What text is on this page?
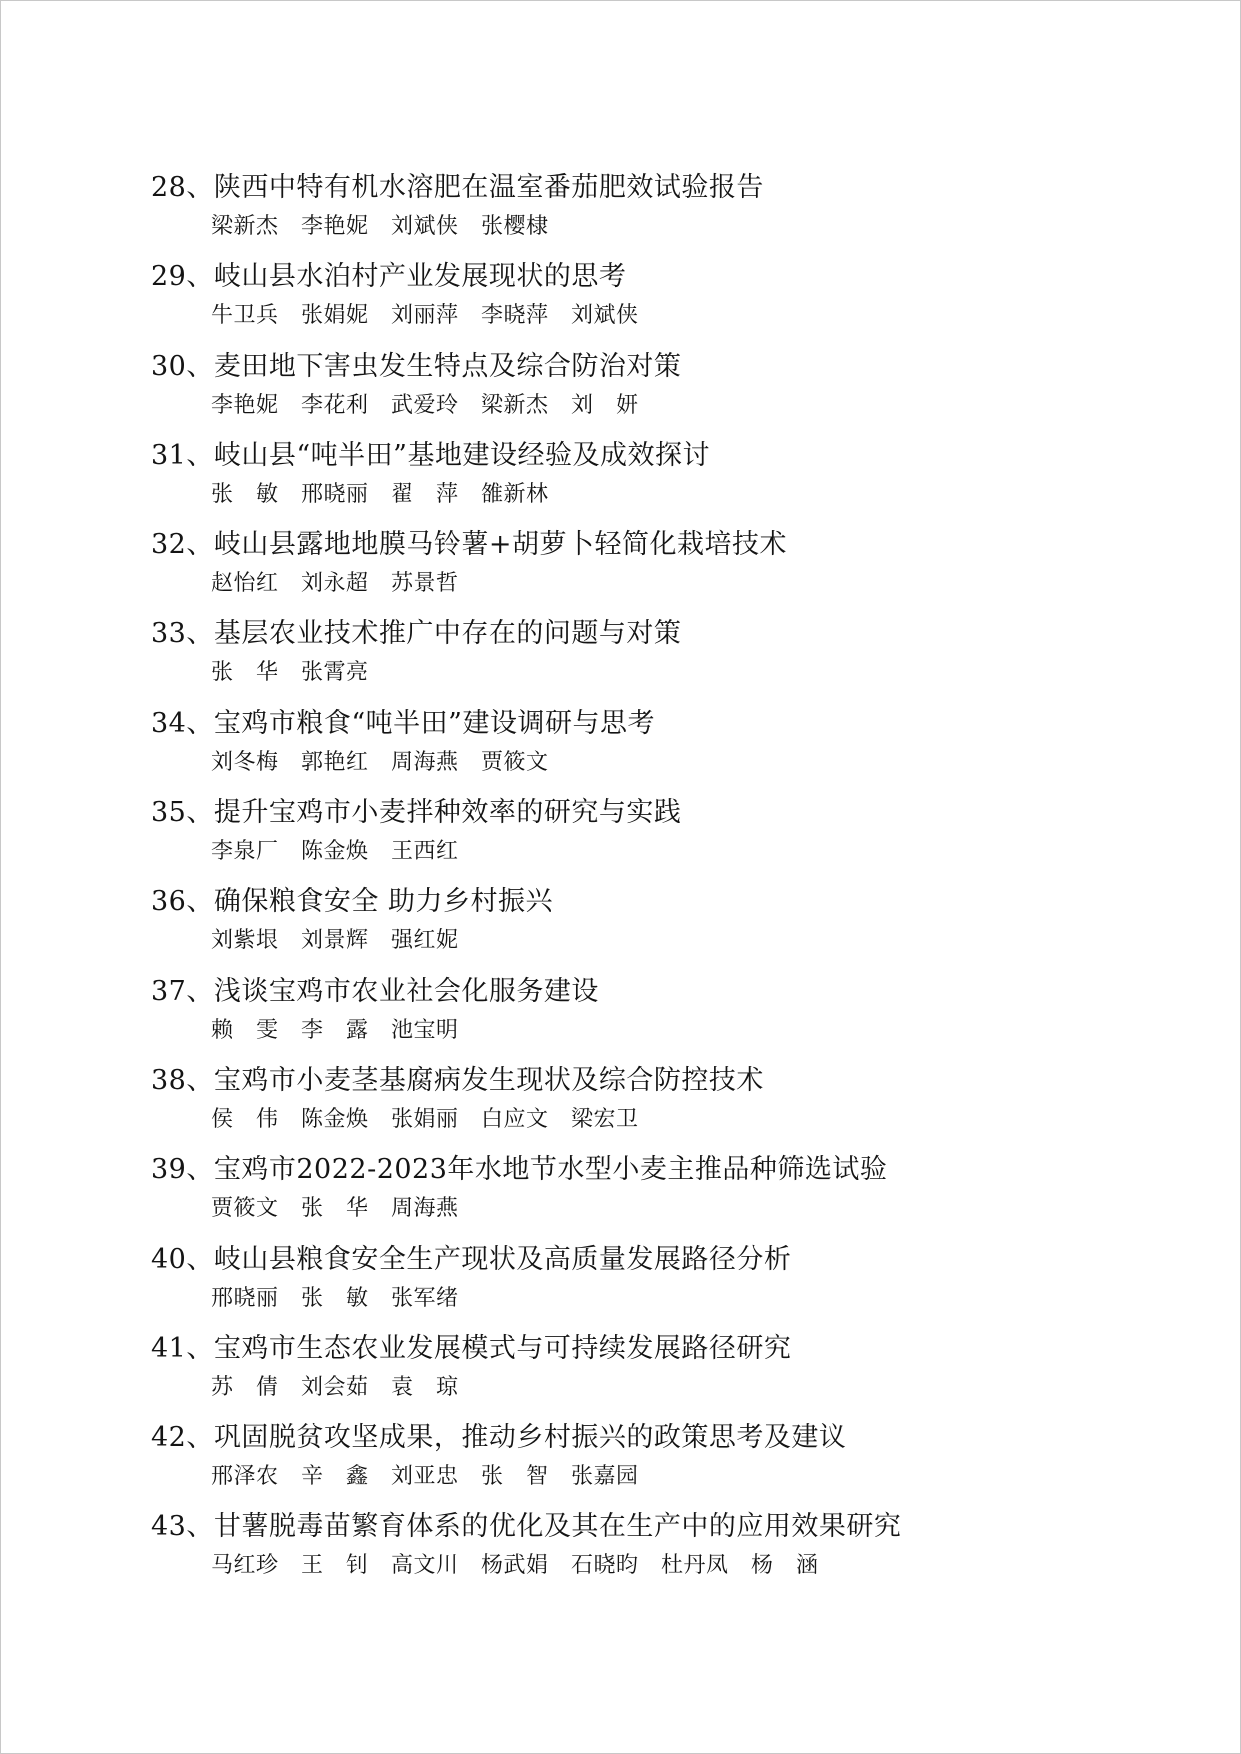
28、陕西中特有机水溶肥在温室番茄肥效试验报告
梁新杰　李艳妮　刘斌侠　张樱棣
29、岐山县水泊村产业发展现状的思考
牛卫兵　张娟妮　刘丽萍　李晓萍　刘斌侠
30、麦田地下害虫发生特点及综合防治对策
李艳妮　李花利　武爱玲　梁新杰　刘　妍
31、岐山县“吨半田”基地建设经验及成效探讨
张　敏　邢晓丽　翟　萍　雒新林
32、岐山县露地地膜马铃薯+胡萝卜轻简化栽培技术
赵怡红　刘永超　苏景哲
33、基层农业技术推广中存在的问题与对策
张　华　张霄亮
34、宝鸡市粮食“吨半田”建设调研与思考
刘冬梅　郭艳红　周海燕　贾筱文
35、提升宝鸡市小麦拌种效率的研究与实践
李泉厂　陈金焕　王西红
36、确保粮食安全 助力乡村振兴
刘紫垠　刘景辉　强红妮
37、浅谈宝鸡市农业社会化服务建设
赖　雯　李　露　池宝明
38、宝鸡市小麦茎基腐病发生现状及综合防控技术
侯　伟　陈金焕　张娟丽　白应文　梁宏卫
39、宝鸡市2022-2023年水地节水型小麦主推品种筛选试验
贾筱文　张　华　周海燕
40、岐山县粮食安全生产现状及高质量发展路径分析
邢晓丽　张　敏　张军绪
41、宝鸡市生态农业发展模式与可持续发展路径研究
苏　倩　刘会茹　袁　琼
42、巩固脱贫攻坚成果，推动乡村振兴的政策思考及建议
邢泽农　辛　鑫　刘亚忠　张　智　张嘉园
43、甘薯脱毒苗繁育体系的优化及其在生产中的应用效果研究
马红珍　王　钊　高文川　杨武娟　石晓昀　杜丹凤　杨　涵
